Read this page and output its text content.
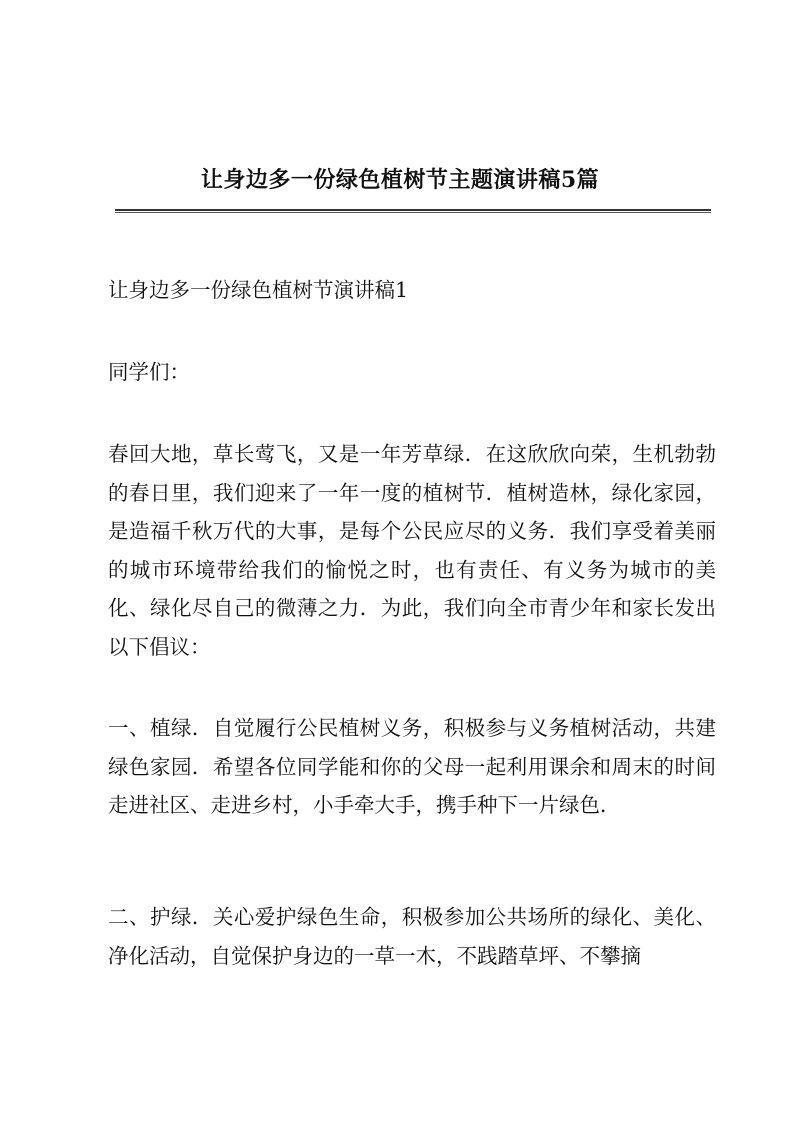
让身边多一份绿色植树节主题演讲稿5篇

让身边多一份绿色植树节演讲稿1

同学们：

春回大地，草长莺飞，又是一年芳草绿．在这欣欣向荣，生机勃勃的春日里，我们迎来了一年一度的植树节．植树造林，绿化家园，是造福千秋万代的大事，是每个公民应尽的义务．我们享受着美丽的城市环境带给我们的愉悦之时，也有责任、有义务为城市的美化、绿化尽自己的微薄之力．为此，我们向全市青少年和家长发出以下倡议：

一、植绿．自觉履行公民植树义务，积极参与义务植树活动，共建绿色家园．希望各位同学能和你的父母一起利用课余和周末的时间走进社区、走进乡村，小手牵大手，携手种下一片绿色．

二、护绿．关心爱护绿色生命，积极参加公共场所的绿化、美化、净化活动，自觉保护身边的一草一木，不践踏草坪、不攀摘
